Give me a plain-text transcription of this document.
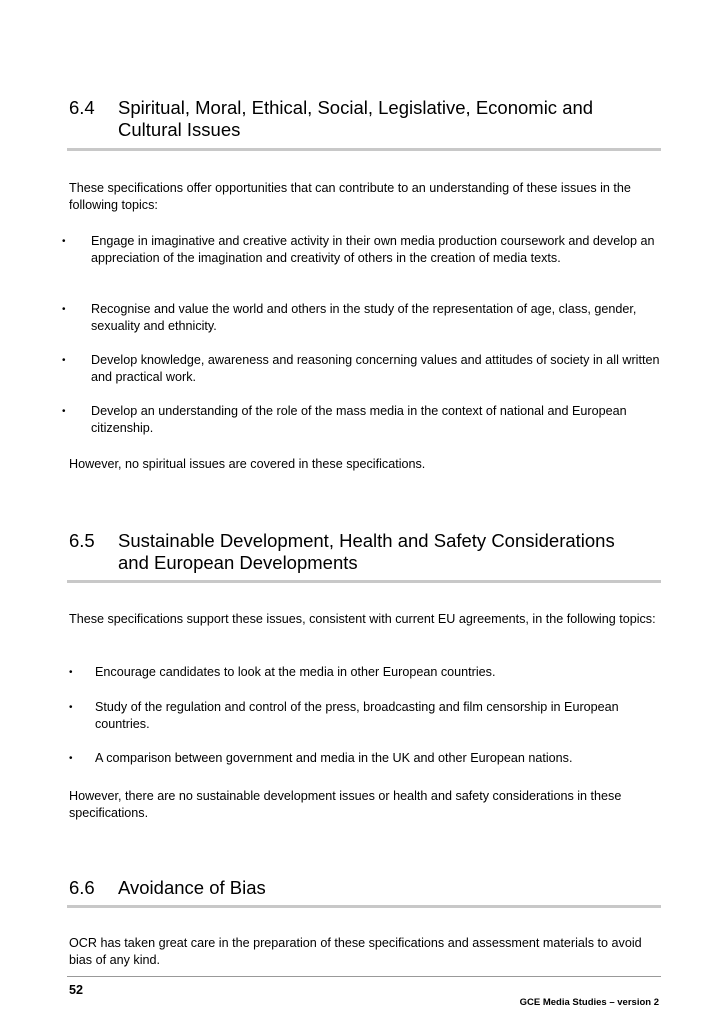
6.4 Spiritual, Moral, Ethical, Social, Legislative, Economic and
Cultural Issues

These specifications offer opportunities that can contribute to an understanding of these issues in the following topics:

• Engage in imaginative and creative activity in their own media production coursework and develop an appreciation of the imagination and creativity of others in the creation of media texts.
• Recognise and value the world and others in the study of the representation of age, class, gender, sexuality and ethnicity.
• Develop knowledge, awareness and reasoning concerning values and attitudes of society in all written and practical work.
• Develop an understanding of the role of the mass media in the context of national and European citizenship.

However, no spiritual issues are covered in these specifications.

6.5 Sustainable Development, Health and Safety Considerations
and European Developments

These specifications support these issues, consistent with current EU agreements, in the following topics:

• Encourage candidates to look at the media in other European countries.
• Study of the regulation and control of the press, broadcasting and film censorship in European countries.
• A comparison between government and media in the UK and other European nations.

However, there are no sustainable development issues or health and safety considerations in these specifications.

6.6 Avoidance of Bias

OCR has taken great care in the preparation of these specifications and assessment materials to avoid bias of any kind.

52
GCE Media Studies – version 2
